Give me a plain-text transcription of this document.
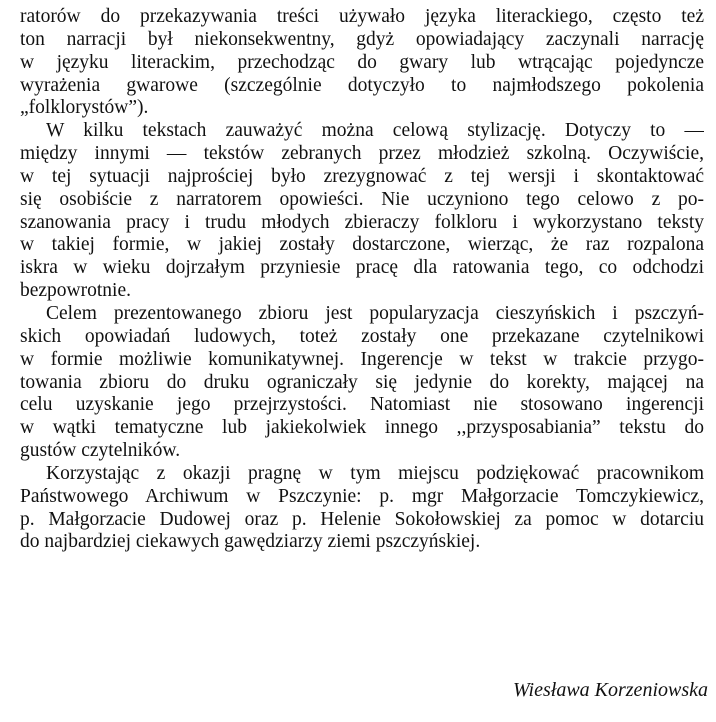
ratorów do przekazywania treści używało języka literackiego, często też
ton narracji był niekonsekwentny, gdyż opowiadający zaczynali narrację
w języku literackim, przechodząc do gwary lub wtrącając pojedyncze
wyrażenia gwarowe (szczególnie dotyczyło to najmłodszego pokolenia
„folklorystów”).
W kilku tekstach zauważyć można celową stylizację. Dotyczy to —
między innymi — tekstów zebranych przez młodzież szkolną. Oczywiście,
w tej sytuacji najprościej było zrezygnować z tej wersji i skontaktować
się osobiście z narratorem opowieści. Nie uczyniono tego celowo z po-
szanowania pracy i trudu młodych zbieraczy folkloru i wykorzystano teksty
w takiej formie, w jakiej zostały dostarczone, wierząc, że raz rozpalona
iskra w wieku dojrzałym przyniesie pracę dla ratowania tego, co odchodzi
bezpowrotnie.
Celem prezentowanego zbioru jest popularyzacja cieszyńskich i pszczyń-
skich opowiadań ludowych, toteż zostały one przekazane czytelnikowi
w formie możliwie komunikatywnej. Ingerencje w tekst w trakcie przygo-
towania zbioru do druku ograniczały się jedynie do korekty, mającej na
celu uzyskanie jego przejrzystości. Natomiast nie stosowano ingerencji
w wątki tematyczne lub jakiekolwiek innego ,,przysposabiania” tekstu do
gustów czytelników.
Korzystając z okazji pragnę w tym miejscu podziękować pracownikom
Państwowego Archiwum w Pszczynie: p. mgr Małgorzacie Tomczykiewicz,
p. Małgorzacie Dudowej oraz p. Helenie Sokołowskiej za pomoc w dotarciu
do najbardziej ciekawych gawędziarzy ziemi pszczyńskiej.
Wiesława Korzeniowska
